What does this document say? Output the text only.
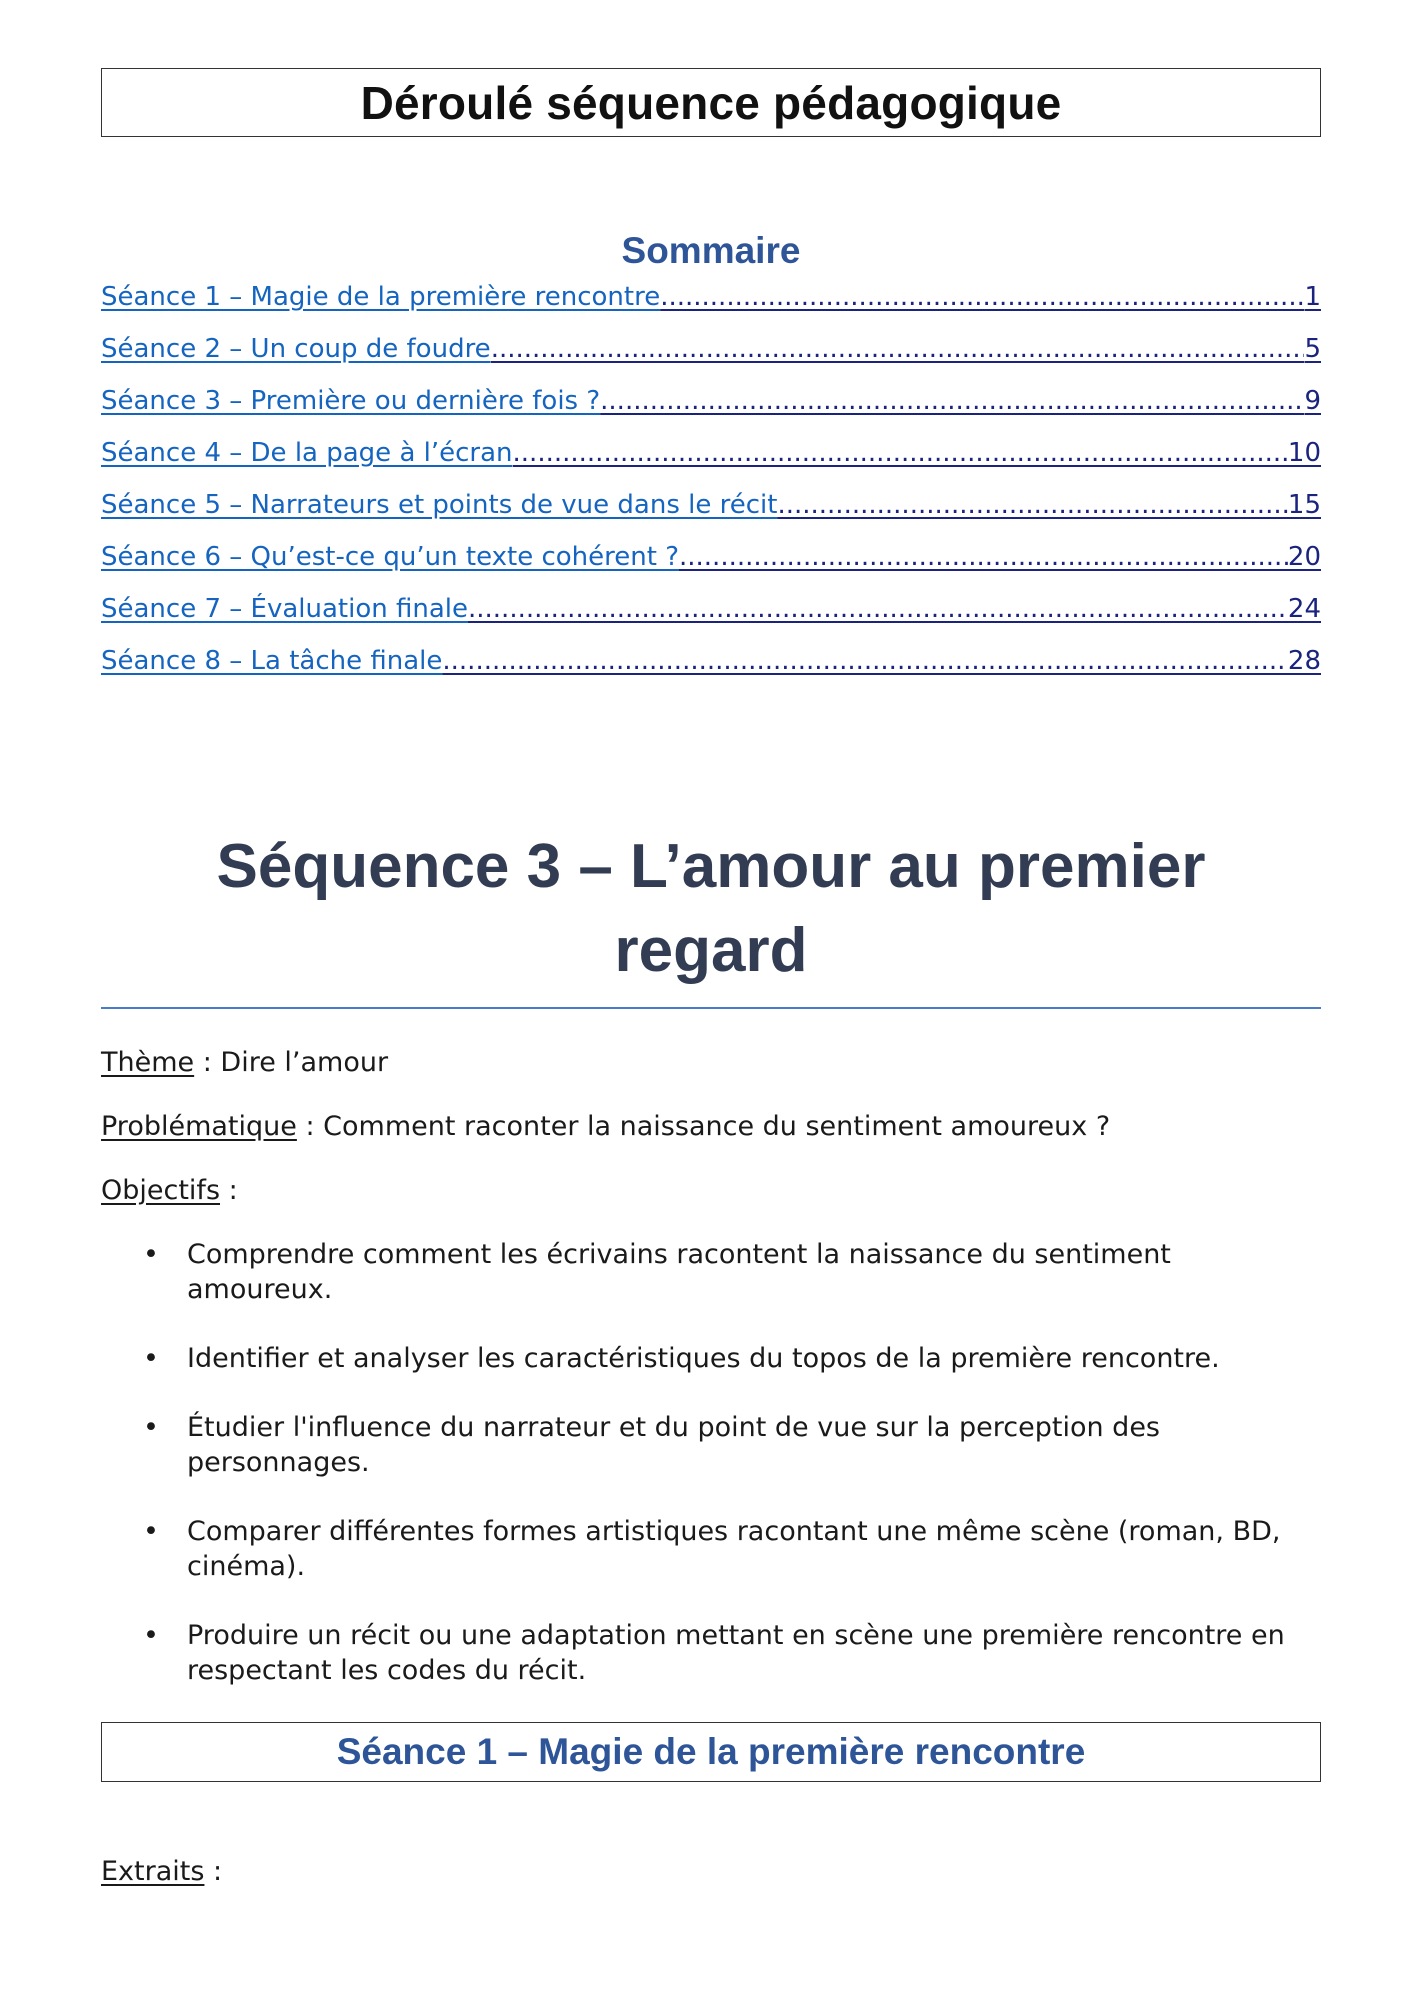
Déroulé séquence pédagogique
Sommaire
Séance 1 – Magie de la première rencontre .....	1
Séance 2 – Un coup de foudre .....	5
Séance 3 – Première ou dernière fois ? .....	9
Séance 4 – De la page à l’écran .....	10
Séance 5 – Narrateurs et points de vue dans le récit .....	15
Séance 6 – Qu’est-ce qu’un texte cohérent ? .....	20
Séance 7 – Évaluation finale .....	24
Séance 8 – La tâche finale .....	28
Séquence 3 – L’amour au premier
regard

Thème : Dire l’amour

Problématique : Comment raconter la naissance du sentiment amoureux ?

Objectifs :

• Comprendre comment les écrivains racontent la naissance du sentiment amoureux.
• Identifier et analyser les caractéristiques du topos de la première rencontre.
• Étudier l'influence du narrateur et du point de vue sur la perception des personnages.
• Comparer différentes formes artistiques racontant une même scène (roman, BD, cinéma).
• Produire un récit ou une adaptation mettant en scène une première rencontre en respectant les codes du récit.
Séance 1 – Magie de la première rencontre

Extraits :
